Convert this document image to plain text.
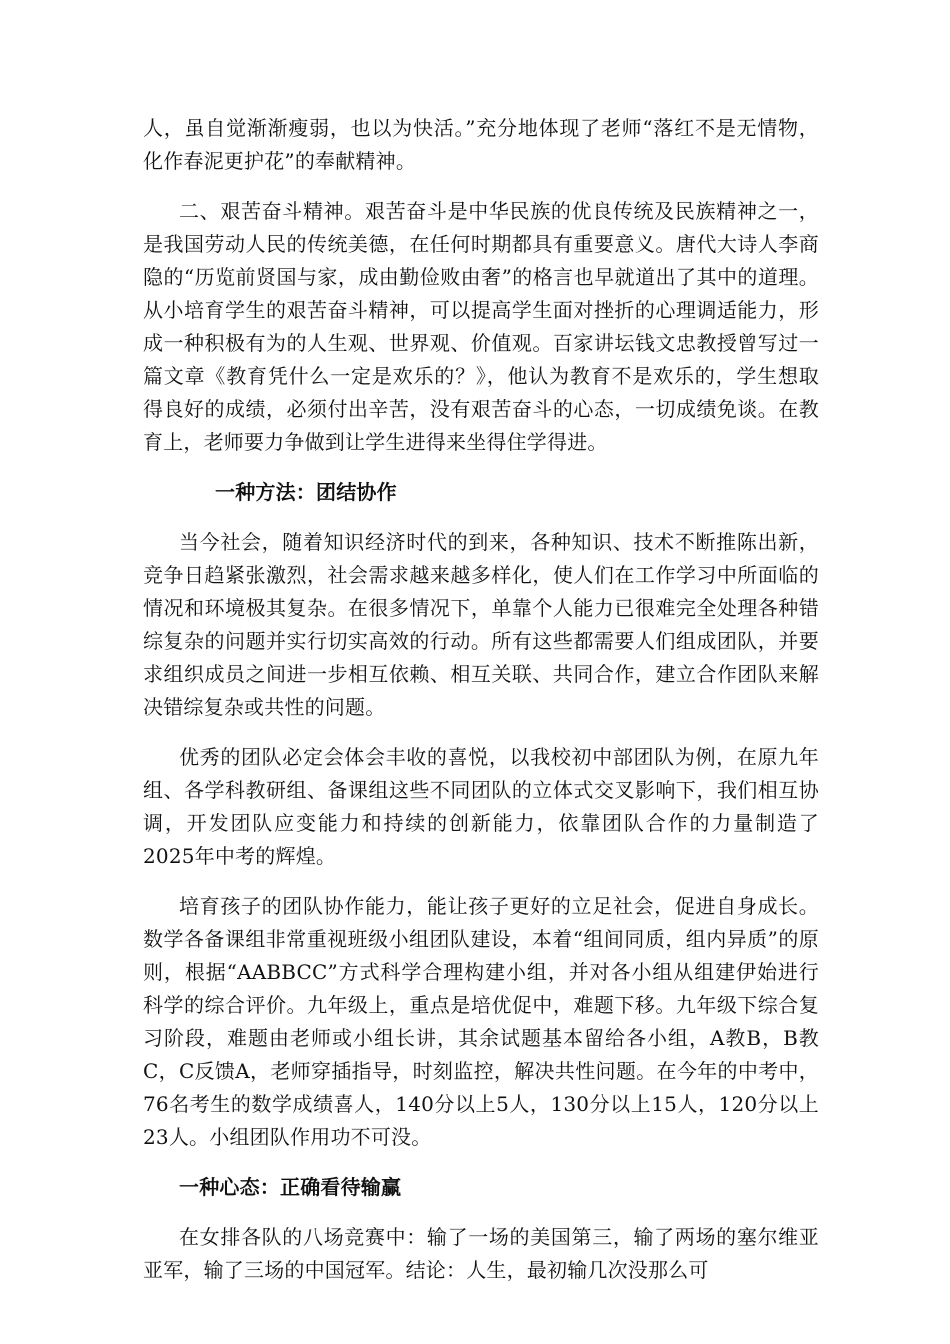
人，虽自觉渐渐瘦弱，也以为快活。”充分地体现了老师“落红不是无情物，化作春泥更护花”的奉献精神。

二、艰苦奋斗精神。艰苦奋斗是中华民族的优良传统及民族精神之一，是我国劳动人民的传统美德，在任何时期都具有重要意义。唐代大诗人李商隐的“历览前贤国与家，成由勤俭败由奢”的格言也早就道出了其中的道理。从小培育学生的艰苦奋斗精神，可以提高学生面对挫折的心理调适能力，形成一种积极有为的人生观、世界观、价值观。百家讲坛钱文忠教授曾写过一篇文章《教育凭什么一定是欢乐的？》，他认为教育不是欢乐的，学生想取得良好的成绩，必须付出辛苦，没有艰苦奋斗的心态，一切成绩免谈。在教育上，老师要力争做到让学生进得来坐得住学得进。

一种方法：团结协作

当今社会，随着知识经济时代的到来，各种知识、技术不断推陈出新，竞争日趋紧张激烈，社会需求越来越多样化，使人们在工作学习中所面临的情况和环境极其复杂。在很多情况下，单靠个人能力已很难完全处理各种错综复杂的问题并实行切实高效的行动。所有这些都需要人们组成团队，并要求组织成员之间进一步相互依赖、相互关联、共同合作，建立合作团队来解决错综复杂或共性的问题。

优秀的团队必定会体会丰收的喜悦，以我校初中部团队为例，在原九年组、各学科教研组、备课组这些不同团队的立体式交叉影响下，我们相互协调，开发团队应变能力和持续的创新能力，依靠团队合作的力量制造了2025年中考的辉煌。

培育孩子的团队协作能力，能让孩子更好的立足社会，促进自身成长。数学各备课组非常重视班级小组团队建设，本着“组间同质，组内异质”的原则，根据“AABBCC”方式科学合理构建小组，并对各小组从组建伊始进行科学的综合评价。九年级上，重点是培优促中，难题下移。九年级下综合复习阶段，难题由老师或小组长讲，其余试题基本留给各小组，A教B，B教C，C反馈A，老师穿插指导，时刻监控，解决共性问题。在今年的中考中，76名考生的数学成绩喜人，140分以上5人，130分以上15人，120分以上23人。小组团队作用功不可没。

一种心态：正确看待输赢

在女排各队的八场竞赛中：输了一场的美国第三，输了两场的塞尔维亚亚军，输了三场的中国冠军。结论：人生，最初输几次没那么可
